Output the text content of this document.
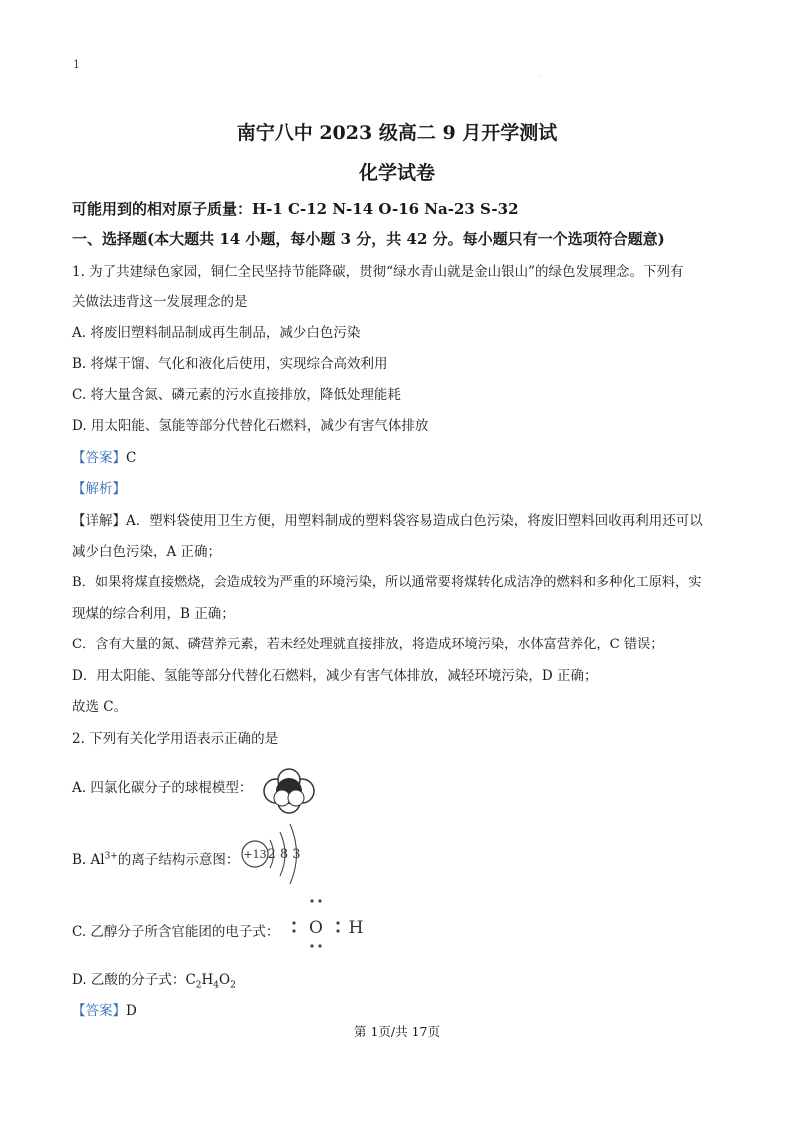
1
.
南宁八中 2023 级高二 9 月开学测试
化学试卷
可能用到的相对原子质量：H-1 C-12 N-14 O-16 Na-23 S-32
一、选择题(本大题共 14 小题，每小题 3 分，共 42 分。每小题只有一个选项符合题意)
1. 为了共建绿色家园，铜仁全民坚持节能降碳，贯彻“绿水青山就是金山银山”的绿色发展理念。下列有
关做法违背这一发展理念的是
A. 将废旧塑料制品制成再生制品，减少白色污染
B. 将煤干馏、气化和液化后使用，实现综合高效利用
C. 将大量含氮、磷元素的污水直接排放，降低处理能耗
D. 用太阳能、氢能等部分代替化石燃料，减少有害气体排放
【答案】C
【解析】
【详解】A．塑料袋使用卫生方便，用塑料制成的塑料袋容易造成白色污染，将废旧塑料回收再利用还可以
减少白色污染，A 正确；
B．如果将煤直接燃烧，会造成较为严重的环境污染，所以通常要将煤转化成洁净的燃料和多种化工原料，实
现煤的综合利用，B 正确；
C．含有大量的氮、磷营养元素，若未经处理就直接排放，将造成环境污染，水体富营养化，C 错误；
D．用太阳能、氢能等部分代替化石燃料，减少有害气体排放，减轻环境污染，D 正确；
故选 C。
2. 下列有关化学用语表示正确的是
A. 四氯化碳分子的球棍模型：
B. $Al^{3+}$的离子结构示意图： +13 2 8 3
C. 乙醇分子所含官能团的电子式： O H
D. 乙酸的分子式：$C_2H_4O_2$
【答案】D
第 1页/共 17页
